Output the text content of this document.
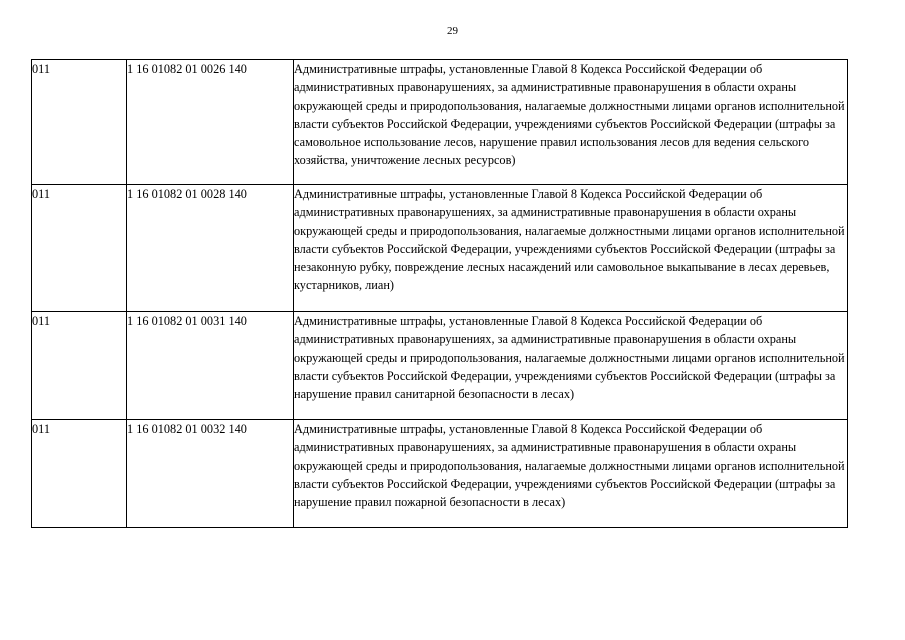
29
011	1 16 01082 01 0026 140	Административные штрафы, установленные Главой 8 Кодекса Российской Федерации об административных правонарушениях, за административные правонарушения в области охраны окружающей среды и природопользования, налагаемые должностными лицами органов исполнительной власти субъектов Российской Федерации, учреждениями субъектов Российской Федерации (штрафы за самовольное использование лесов, нарушение правил использования лесов для ведения сельского хозяйства, уничтожение лесных ресурсов)
011	1 16 01082 01 0028 140	Административные штрафы, установленные Главой 8 Кодекса Российской Федерации об административных правонарушениях, за административные правонарушения в области охраны окружающей среды и природопользования, налагаемые должностными лицами органов исполнительной власти субъектов Российской Федерации, учреждениями субъектов Российской Федерации (штрафы за незаконную рубку, повреждение лесных насаждений или самовольное выкапывание в лесах деревьев, кустарников, лиан)
011	1 16 01082 01 0031 140	Административные штрафы, установленные Главой 8 Кодекса Российской Федерации об административных правонарушениях, за административные правонарушения в области охраны окружающей среды и природопользования, налагаемые должностными лицами органов исполнительной власти субъектов Российской Федерации, учреждениями субъектов Российской Федерации (штрафы за нарушение правил санитарной безопасности в лесах)
011	1 16 01082 01 0032 140	Административные штрафы, установленные Главой 8 Кодекса Российской Федерации об административных правонарушениях, за административные правонарушения в области охраны окружающей среды и природопользования, налагаемые должностными лицами органов исполнительной власти субъектов Российской Федерации, учреждениями субъектов Российской Федерации (штрафы за нарушение правил пожарной безопасности в лесах)
